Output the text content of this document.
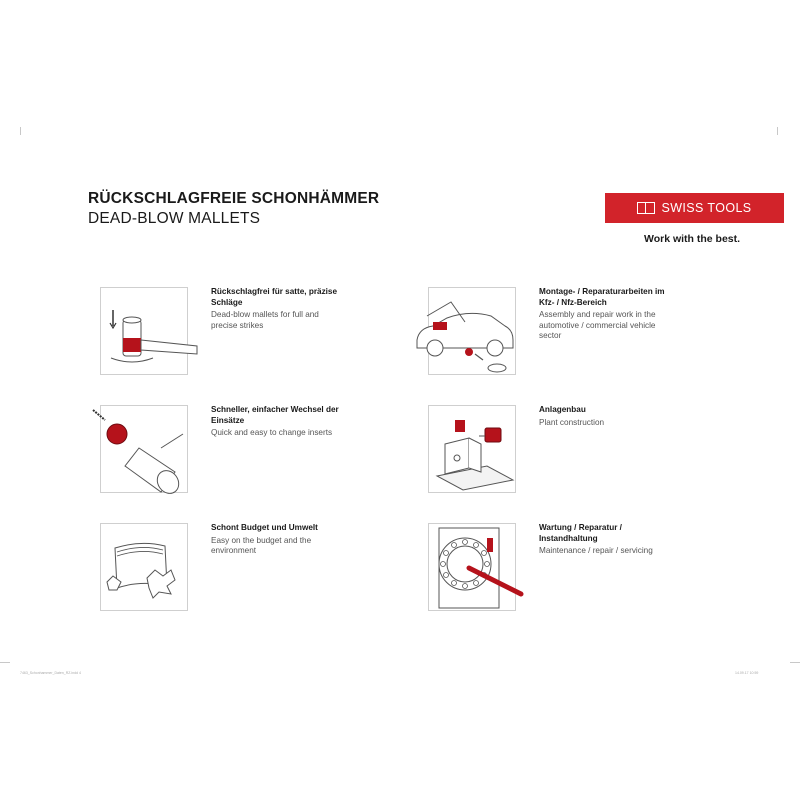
RÜCKSCHLAGFREIE SCHONHÄMMER
DEAD-BLOW MALLETS
SWISS TOOLS
Work with the best.
Rückschlagfrei für satte, präzise Schläge
Dead-blow mallets for full and precise strikes
Montage- / Reparaturarbeiten im Kfz- / Nfz-Bereich
Assembly and repair work in the automotive / commercial vehicle sector
Schneller, einfacher Wechsel der Einsätze
Quick and easy to change inserts
Anlagenbau
Plant construction
Schont Budget und Umwelt
Easy on the budget and the environment
Wartung / Reparatur / Instandhaltung
Maintenance / repair / servicing
7463_Schonhammer_Daten_RZ.indd 4	14.09.17 10:59
